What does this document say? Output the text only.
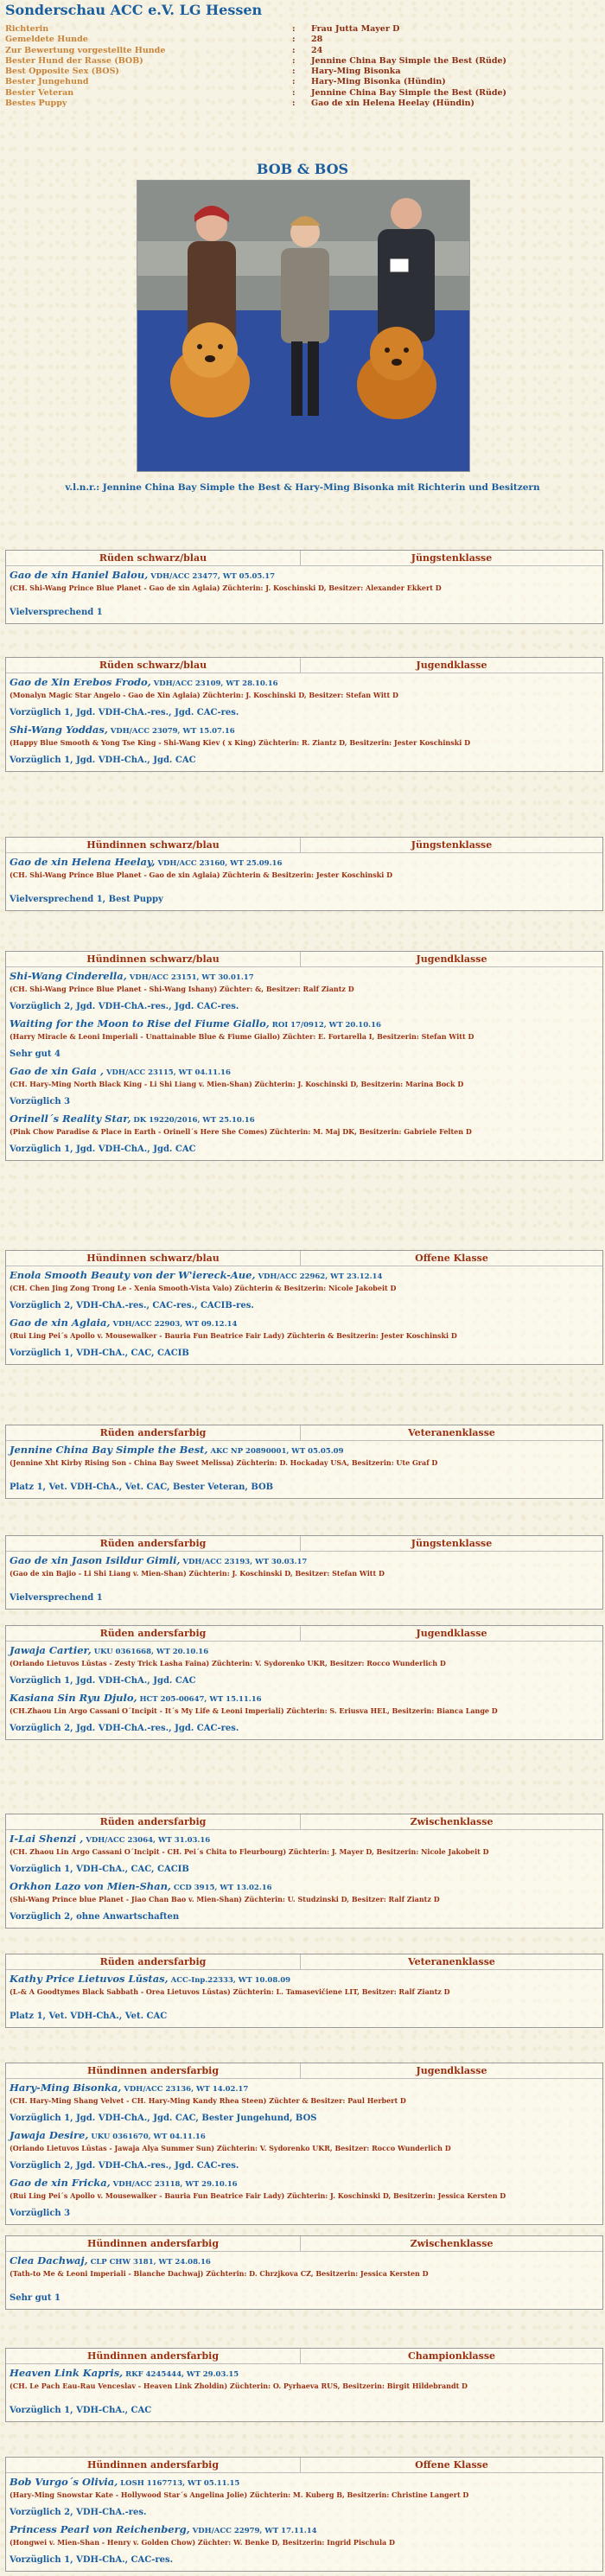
Sonderschau ACC e.V. LG Hessen
Richterin	:	Frau Jutta Mayer D
Gemeldete Hunde	:	28
Zur Bewertung vorgestellte Hunde	:	24
Bester Hund der Rasse (BOB)	:	Jennine China Bay Simple the Best (Rüde)
Best Opposite Sex (BOS)	:	Hary-Ming Bisonka
Bester Jungehund	:	Hary-Ming Bisonka (Hündin)
Bester Veteran	:	Jennine China Bay Simple the Best (Rüde)
Bestes Puppy	:	Gao de xin Helena Heelay (Hündin)
BOB & BOS
v.l.n.r.: Jennine China Bay Simple the Best & Hary-Ming Bisonka mit Richterin und Besitzern
Rüden schwarz/blau	Jüngstenklasse
Gao de xin Haniel Balou, VDH/ACC 23477, WT 05.05.17
(CH. Shi-Wang Prince Blue Planet - Gao de xin Aglaia) Züchterin: J. Koschinski D, Besitzer: Alexander Ekkert D
Vielversprechend 1
Rüden schwarz/blau	Jugendklasse
Gao de Xin Erebos Frodo, VDH/ACC 23109, WT 28.10.16
(Monalyn Magic Star Angelo - Gao de Xin Aglaia) Züchterin: J. Koschinski D, Besitzer: Stefan Witt D
Vorzüglich 1, Jgd. VDH-ChA.-res., Jgd. CAC-res.
Shi-Wang Yoddas, VDH/ACC 23079, WT 15.07.16
(Happy Blue Smooth & Yong Tse King - Shi-Wang Kiev ( x King) Züchterin: R. Ziantz D, Besitzerin: Jester Koschinski D
Vorzüglich 1, Jgd. VDH-ChA., Jgd. CAC
Hündinnen schwarz/blau	Jüngstenklasse
Gao de xin Helena Heelay, VDH/ACC 23160, WT 25.09.16
(CH. Shi-Wang Prince Blue Planet - Gao de xin Aglaia) Züchterin & Besitzerin: Jester Koschinski D
Vielversprechend 1, Best Puppy
Hündinnen schwarz/blau	Jugendklasse
Shi-Wang Cinderella, VDH/ACC 23151, WT 30.01.17
(CH. Shi-Wang Prince Blue Planet - Shi-Wang Ishany) Züchter: &, Besitzer: Ralf Ziantz D
Vorzüglich 2, Jgd. VDH-ChA.-res., Jgd. CAC-res.
Waiting for the Moon to Rise del Fiume Giallo, ROI 17/0912, WT 20.10.16
(Harry Miracle & Leoni Imperiali - Unattainable Blue & Fiume Giallo) Züchter: E. Fortarella I, Besitzerin: Stefan Witt D
Sehr gut 4
Gao de xin Gaia , VDH/ACC 23115, WT 04.11.16
(CH. Hary-Ming North Black King - Li Shi Liang v. Mien-Shan) Züchterin: J. Koschinski D, Besitzerin: Marina Bock D
Vorzüglich 3
Orinell´s Reality Star, DK 19220/2016, WT 25.10.16
(Pink Chow Paradise & Place in Earth - Orinell´s Here She Comes) Züchterin: M. Maj DK, Besitzerin: Gabriele Felten D
Vorzüglich 1, Jgd. VDH-ChA., Jgd. CAC
Hündinnen schwarz/blau	Offene Klasse
Enola Smooth Beauty von der W'iereck-Aue, VDH/ACC 22962, WT 23.12.14
(CH. Chen Jing Zong Trong Le - Xenia Smooth-Vista Valo) Züchterin & Besitzerin: Nicole Jakobeit D
Vorzüglich 2, VDH-ChA.-res., CAC-res., CACIB-res.
Gao de xin Aglaia, VDH/ACC 22903, WT 09.12.14
(Rui Ling Pei´s Apollo v. Mousewalker - Bauria Fun Beatrice Fair Lady) Züchterin & Besitzerin: Jester Koschinski D
Vorzüglich 1, VDH-ChA., CAC, CACIB
Rüden andersfarbig	Veteranenklasse
Jennine China Bay Simple the Best, AKC NP 20890001, WT 05.05.09
(Jennine Xht Kirby Rising Son - China Bay Sweet Melissa) Züchterin: D. Hockaday USA, Besitzerin: Ute Graf D
Platz 1, Vet. VDH-ChA., Vet. CAC, Bester Veteran, BOB
Rüden andersfarbig	Jüngstenklasse
Gao de xin Jason Isildur Gimli, VDH/ACC 23193, WT 30.03.17
(Gao de xin Bajio - Li Shi Liang v. Mien-Shan) Züchterin: J. Koschinski D, Besitzer: Stefan Witt D
Vielversprechend 1
Rüden andersfarbig	Jugendklasse
Jawaja Cartier, UKU 0361668, WT 20.10.16
(Orlando Lietuvos Lūstas - Zesty Trick Lasha Faina) Züchterin: V. Sydorenko UKR, Besitzer: Rocco Wunderlich D
Vorzüglich 1, Jgd. VDH-ChA., Jgd. CAC
Kasiana Sin Ryu Djulo, HCT 205-00647, WT 15.11.16
(CH.Zhaou Lin Argo Cassani O´Incipit - It´s My Life & Leoni Imperiali) Züchterin: S. Eriusva HEL, Besitzerin: Bianca Lange D
Vorzüglich 2, Jgd. VDH-ChA.-res., Jgd. CAC-res.
Rüden andersfarbig	Zwischenklasse
I-Lai Shenzi , VDH/ACC 23064, WT 31.03.16
(CH. Zhaou Lin Argo Cassani O´Incipit - CH. Pei´s Chita to Fleurbourg) Züchterin: J. Mayer D, Besitzerin: Nicole Jakobeit D
Vorzüglich 1, VDH-ChA., CAC, CACIB
Orkhon Lazo von Mien-Shan, CCD 3915, WT 13.02.16
(Shi-Wang Prince blue Planet - Jiao Chan Bao v. Mien-Shan) Züchterin: U. Studzinski D, Besitzer: Ralf Ziantz D
Vorzüglich 2, ohne Anwartschaften
Rüden andersfarbig	Veteranenklasse
Kathy Price Lietuvos Lūstas, ACC-Inp.22333, WT 10.08.09
(L-& A Goodtymes Black Sabbath - Orea Lietuvos Lūstas) Züchterin: L. Tamasevičiene LIT, Besitzer: Ralf Ziantz D
Platz 1, Vet. VDH-ChA., Vet. CAC
Hündinnen andersfarbig	Jugendklasse
Hary-Ming Bisonka, VDH/ACC 23136, WT 14.02.17
(CH. Hary-Ming Shang Velvet - CH. Hary-Ming Kandy Rhea Steen) Züchter & Besitzer: Paul Herbert D
Vorzüglich 1, Jgd. VDH-ChA., Jgd. CAC, Bester Jungehund, BOS
Jawaja Desire, UKU 0361670, WT 04.11.16
(Orlando Lietuvos Lūstas - Jawaja Alya Summer Sun) Züchterin: V. Sydorenko UKR, Besitzer: Rocco Wunderlich D
Vorzüglich 2, Jgd. VDH-ChA.-res., Jgd. CAC-res.
Gao de xin Fricka, VDH/ACC 23118, WT 29.10.16
(Rui Ling Pei´s Apollo v. Mousewalker - Bauria Fun Beatrice Fair Lady) Züchterin: J. Koschinski D, Besitzerin: Jessica Kersten D
Vorzüglich 3
Hündinnen andersfarbig	Zwischenklasse
Clea Dachwaj, CLP CHW 3181, WT 24.08.16
(Tath-to Me & Leoni Imperiali - Blanche Dachwaj) Züchterin: D. Chrzjkova CZ, Besitzerin: Jessica Kersten D
Sehr gut 1
Hündinnen andersfarbig	Championklasse
Heaven Link Kapris, RKF 4245444, WT 29.03.15
(CH. Le Pach Eau-Rau Venceslav - Heaven Link Zholdin) Züchterin: O. Pyrhaeva RUS, Besitzerin: Birgit Hildebrandt D
Vorzüglich 1, VDH-ChA., CAC
Hündinnen andersfarbig	Offene Klasse
Bob Vurgo´s Olivia, LOSH 1167713, WT 05.11.15
(Hary-Ming Snowstar Kate - Hollywood Star´s Angelina Jolie) Züchterin: M. Kuberg B, Besitzerin: Christine Langert D
Vorzüglich 2, VDH-ChA.-res.
Princess Pearl von Reichenberg, VDH/ACC 22979, WT 17.11.14
(Hongwei v. Mien-Shan - Henry v. Golden Chow) Züchter: W. Benke D, Besitzerin: Ingrid Pischula D
Vorzüglich 1, VDH-ChA., CAC-res.
